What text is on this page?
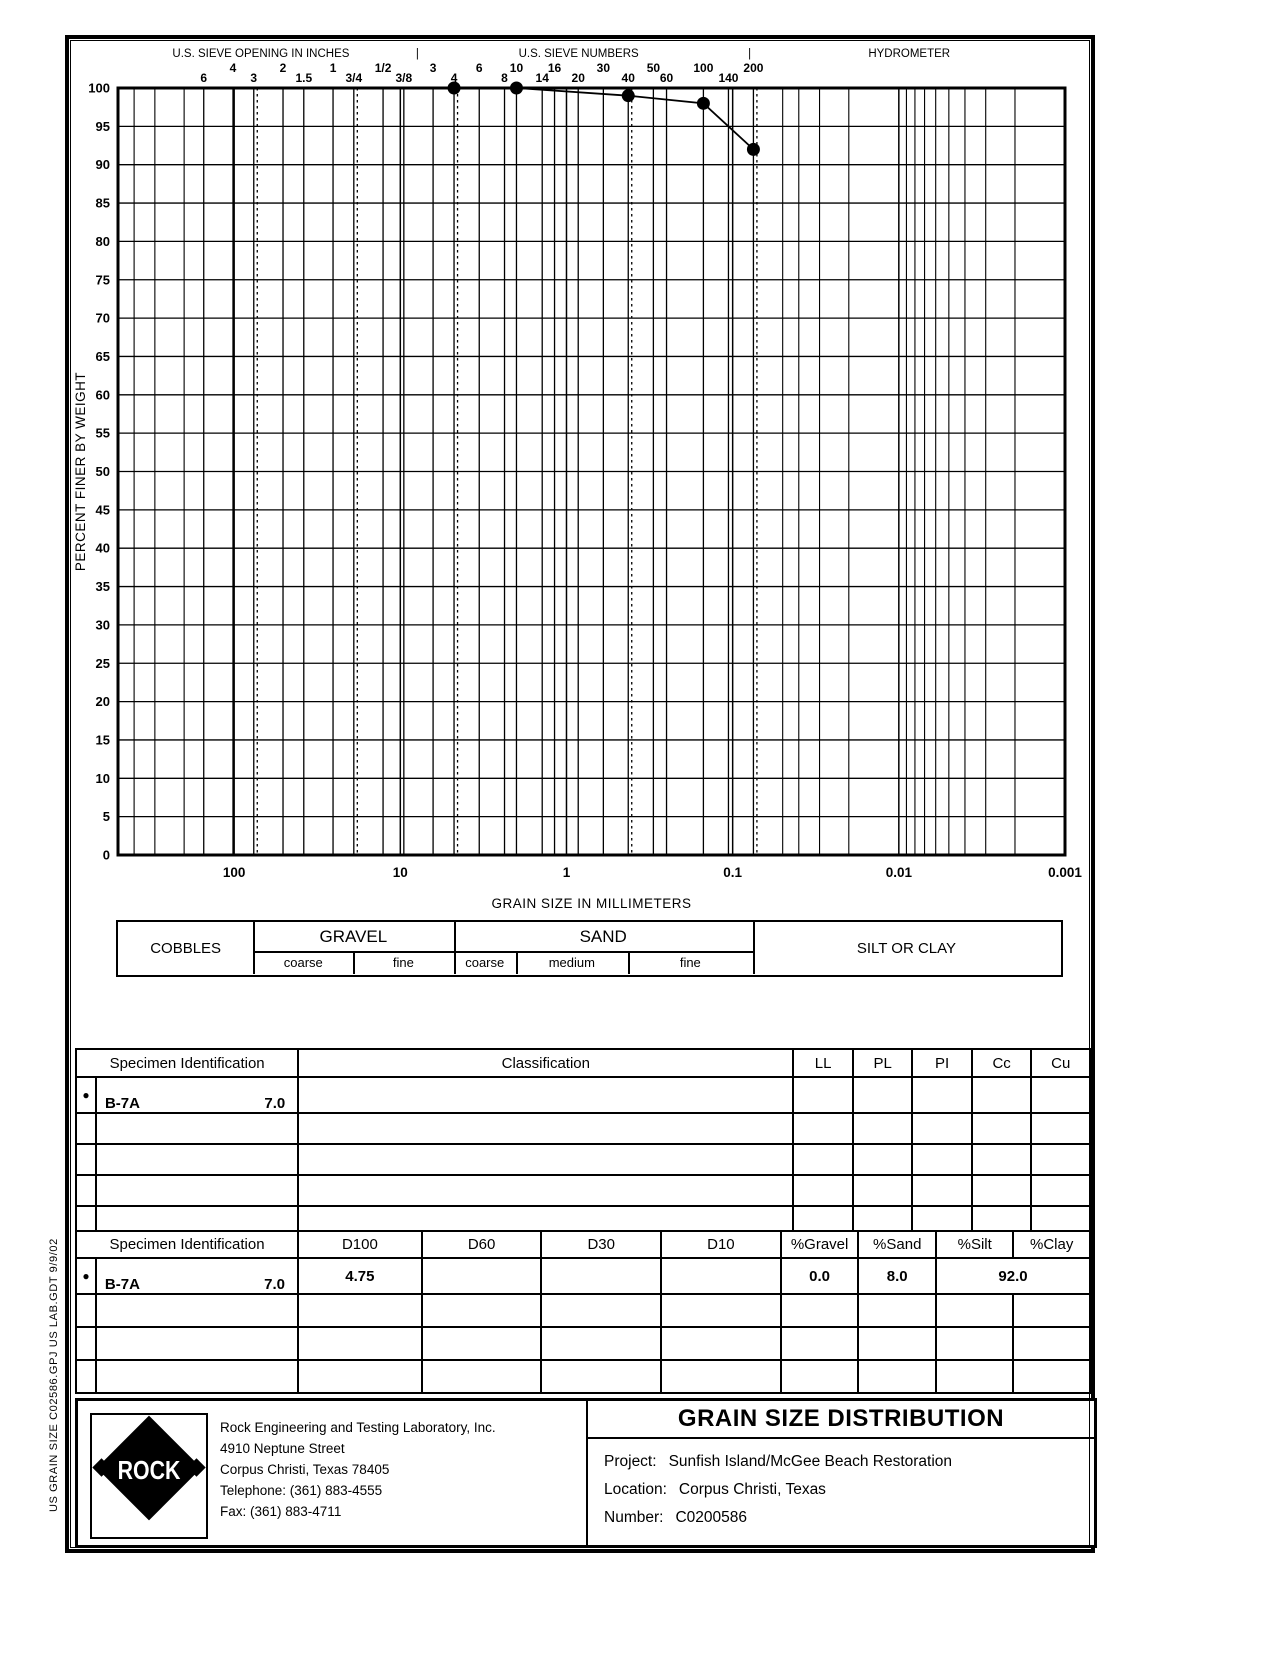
US GRAIN SIZE C02586.GPJ US LAB.GDT 9/9/02
0
5
10
15
20
25
30
35
40
45
50
55
60
65
70
75
80
85
90
95
100
6
4
3
2
1.5
1
3/4
1/2
3/8
3
4
6
8
10
14
16
20
30
40
50
60
100
140
200
100	10	1	0.1	0.01	0.001
U.S. SIEVE OPENING IN INCHES	U.S. SIEVE NUMBERS	HYDROMETER
|	|
GRAIN SIZE IN MILLIMETERS
PERCENT FINER BY WEIGHT
COBBLES
GRAVEL	SAND
SILT OR CLAY
coarse	fine	coarse	medium	fine
Specimen Identification		Classification	LL	PL	PI	Cc	Cu
●	B-7A 7.0						

Specimen Identification		D100	D60	D30	D10	%Gravel	%Sand	%Silt	%Clay
●	B-7A 7.0	4.75				0.0	8.0	92.0	

ROCK
Rock Engineering and Testing Laboratory, Inc.
4910 Neptune Street
Corpus Christi, Texas 78405
Telephone: (361) 883-4555
Fax: (361) 883-4711
GRAIN SIZE DISTRIBUTION
Project: Sunfish Island/McGee Beach Restoration
Location: Corpus Christi, Texas
Number: C0200586
